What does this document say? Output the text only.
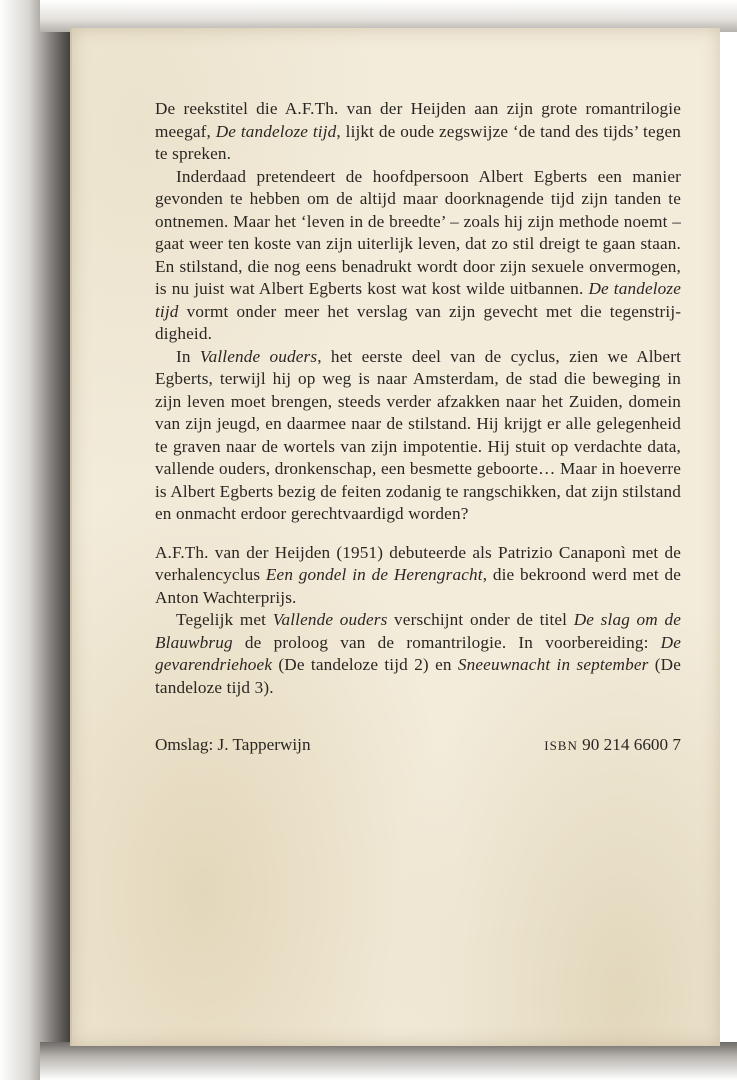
De reekstitel die A.F.Th. van der Heijden aan zijn grote romantrilogie meegaf, De tandeloze tijd, lijkt de oude zegswijze ‘de tand des tijds’ tegen te spreken.

Inderdaad pretendeert de hoofdpersoon Albert Egberts een manier gevonden te hebben om de altijd maar doorknagende tijd zijn tanden te ontnemen. Maar het ‘leven in de breedte’ – zoals hij zijn methode noemt – gaat weer ten koste van zijn uiterlijk leven, dat zo stil dreigt te gaan staan. En stilstand, die nog eens benadrukt wordt door zijn sexuele onvermogen, is nu juist wat Albert Egberts kost wat kost wilde uitbannen. De tandeloze tijd vormt onder meer het verslag van zijn gevecht met die tegenstrijdigheid.

In Vallende ouders, het eerste deel van de cyclus, zien we Albert Egberts, terwijl hij op weg is naar Amsterdam, de stad die beweging in zijn leven moet brengen, steeds verder afzakken naar het Zuiden, domein van zijn jeugd, en daarmee naar de stilstand. Hij krijgt er alle gelegenheid te graven naar de wortels van zijn impotentie. Hij stuit op verdachte data, vallende ouders, dronkenschap, een besmette geboorte… Maar in hoeverre is Albert Egberts bezig de feiten zodanig te rangschikken, dat zijn stilstand en onmacht erdoor gerechtvaardigd worden?

A.F.Th. van der Heijden (1951) debuteerde als Patrizio Canaponì met de verhalencyclus Een gondel in de Herengracht, die bekroond werd met de Anton Wachterprijs.

Tegelijk met Vallende ouders verschijnt onder de titel De slag om de Blauwbrug de proloog van de romantrilogie. In voorbereiding: De gevarendriehoek (De tandeloze tijd 2) en Sneeuwnacht in september (De tandeloze tijd 3).

Omslag: J. Tapperwijn	ISBN 90 214 6600 7
